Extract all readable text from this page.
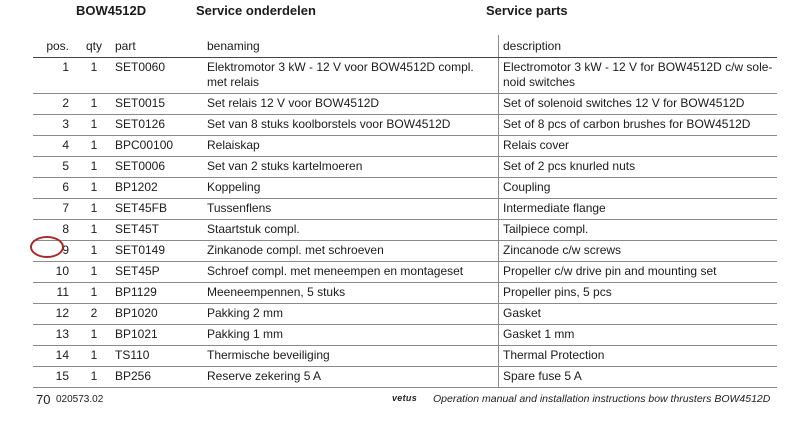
BOW4512D	Service onderdelen	Service parts
pos.	qty	part	benaming	description
1	1	SET0060	Elektromotor 3 kW - 12 V voor BOW4512D compl. met relais	Electromotor 3 kW - 12 V for BOW4512D c/w sole-noid switches
2	1	SET0015	Set relais 12 V voor BOW4512D	Set of solenoid switches 12 V for BOW4512D
3	1	SET0126	Set van 8 stuks koolborstels voor BOW4512D	Set of 8 pcs of carbon brushes for BOW4512D
4	1	BPC00100	Relaiskap	Relais cover
5	1	SET0006	Set van 2 stuks kartelmoeren	Set of 2 pcs knurled nuts
6	1	BP1202	Koppeling	Coupling
7	1	SET45FB	Tussenflens	Intermediate flange
8	1	SET45T	Staartstuk compl.	Tailpiece compl.
9	1	SET0149	Zinkanode compl. met schroeven	Zincanode c/w screws
10	1	SET45P	Schroef compl. met meneempen en montageset	Propeller c/w drive pin and mounting set
11	1	BP1129	Meeneempennen, 5 stuks	Propeller pins, 5 pcs
12	2	BP1020	Pakking 2 mm	Gasket
13	1	BP1021	Pakking 1 mm	Gasket 1 mm
14	1	TS110	Thermische beveiliging	Thermal Protection
15	1	BP256	Reserve zekering 5 A	Spare fuse 5 A
70 020573.02	vetus	Operation manual and installation instructions bow thrusters BOW4512D
